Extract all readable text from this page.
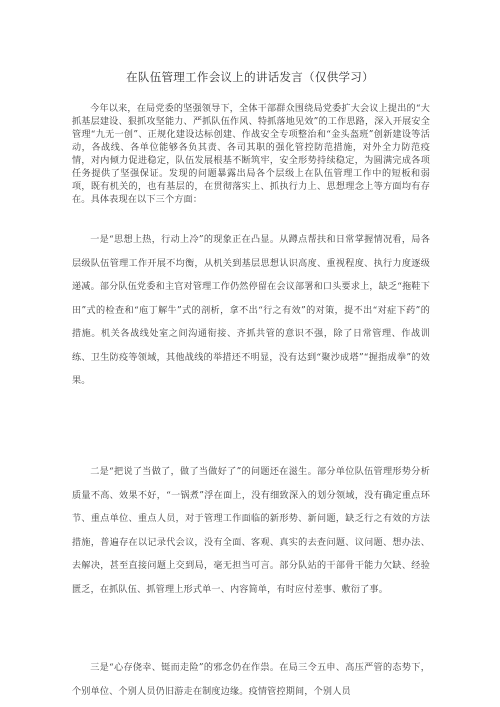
在队伍管理工作会议上的讲话发言（仅供学习）

今年以来，在局党委的坚强领导下，全体干部群众围绕局党委扩大会议上提出的“大抓基层建设、狠抓攻坚能力、严抓队伍作风、特抓落地见效”的工作思路，深入开展安全管理“九无一创”、正规化建设达标创建、作战安全专项整治和“金头盔班”创新建设等活动，各战线、各单位能够各负其责、各司其职的强化管控防范措施，对外全力防范疫情，对内倾力促进稳定，队伍发展根基不断筑牢，安全形势持续稳定，为圆满完成各项任务提供了坚强保证。发现的问题暴露出局各个层级上在队伍管理工作中的短板和弱项，既有机关的，也有基层的，在贯彻落实上、抓执行力上、思想理念上等方面均有存在。具体表现在以下三个方面：

一是“思想上热，行动上冷”的现象正在凸显。从蹲点帮扶和日常掌握情况看，局各层级队伍管理工作开展不均衡，从机关到基层思想认识高度、重视程度、执行力度逐级递减。部分队伍党委和主官对管理工作仍然停留在会议部署和口头要求上，缺乏“拖鞋下田”式的检查和“庖丁解牛”式的剖析，拿不出“行之有效”的对策，提不出“对症下药”的措施。机关各战线处室之间沟通衔接、齐抓共管的意识不强，除了日常管理、作战训练、卫生防疫等领域，其他战线的举措还不明显，没有达到“聚沙成塔”“握指成拳”的效果。

二是“把说了当做了，做了当做好了”的问题还在滋生。部分单位队伍管理形势分析质量不高、效果不好，“一锅煮”浮在面上，没有细致深入的划分领域，没有确定重点环节、重点单位、重点人员，对于管理工作面临的新形势、新问题，缺乏行之有效的方法措施，普遍存在以记录代会议，没有全面、客观、真实的去查问题、议问题、想办法、去解决，甚至直接问题上交到局，毫无担当可言。部分队站的干部骨干能力欠缺、经验匮乏，在抓队伍、抓管理上形式单一、内容简单，有时应付差事、敷衍了事。

三是“心存侥幸、铤而走险”的邪念仍在作祟。在局三令五申、高压严管的态势下，个别单位、个别人员仍旧游走在制度边缘。疫情管控期间，个别人员
